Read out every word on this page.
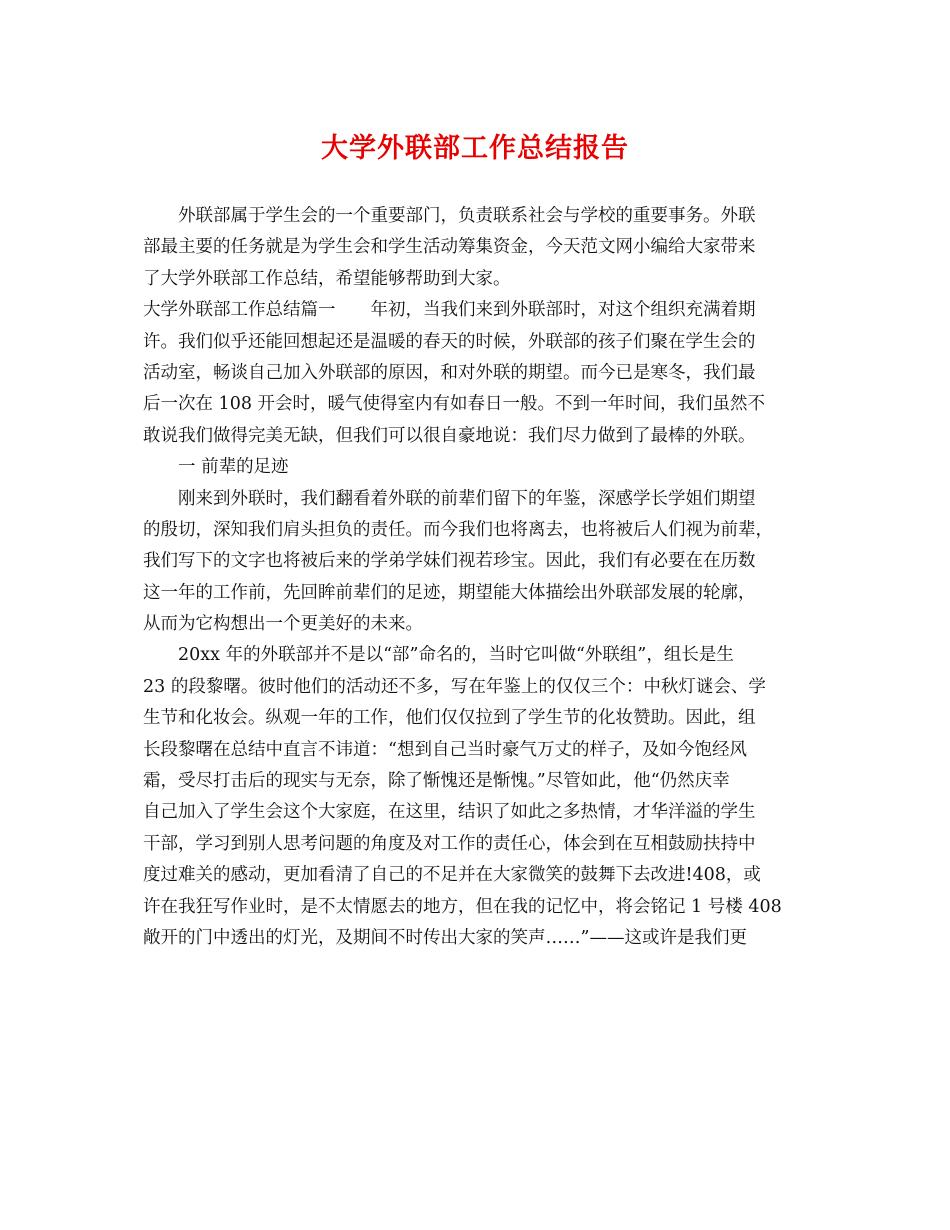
大学外联部工作总结报告
外联部属于学生会的一个重要部门，负责联系社会与学校的重要事务。外联
部最主要的任务就是为学生会和学生活动筹集资金，今天范文网小编给大家带来
了大学外联部工作总结，希望能够帮助到大家。
大学外联部工作总结篇一　　年初，当我们来到外联部时，对这个组织充满着期
许。我们似乎还能回想起还是温暖的春天的时候，外联部的孩子们聚在学生会的
活动室，畅谈自己加入外联部的原因，和对外联的期望。而今已是寒冬，我们最
后一次在 108 开会时，暖气使得室内有如春日一般。不到一年时间，我们虽然不
敢说我们做得完美无缺，但我们可以很自豪地说：我们尽力做到了最棒的外联。
一 前辈的足迹
刚来到外联时，我们翻看着外联的前辈们留下的年鉴，深感学长学姐们期望
的殷切，深知我们肩头担负的责任。而今我们也将离去，也将被后人们视为前辈，
我们写下的文字也将被后来的学弟学妹们视若珍宝。因此，我们有必要在在历数
这一年的工作前，先回眸前辈们的足迹，期望能大体描绘出外联部发展的轮廓，
从而为它构想出一个更美好的未来。
20xx 年的外联部并不是以“部”命名的，当时它叫做“外联组”，组长是生
23 的段黎曙。彼时他们的活动还不多，写在年鉴上的仅仅三个：中秋灯谜会、学
生节和化妆会。纵观一年的工作，他们仅仅拉到了学生节的化妆赞助。因此，组
长段黎曙在总结中直言不讳道：“想到自己当时豪气万丈的样子，及如今饱经风
霜，受尽打击后的现实与无奈，除了惭愧还是惭愧。”尽管如此，他“仍然庆幸
自己加入了学生会这个大家庭，在这里，结识了如此之多热情，才华洋溢的学生
干部，学习到别人思考问题的角度及对工作的责任心，体会到在互相鼓励扶持中
度过难关的感动，更加看清了自己的不足并在大家微笑的鼓舞下去改进!408，或
许在我狂写作业时，是不太情愿去的地方，但在我的记忆中，将会铭记 1 号楼 408
敞开的门中透出的灯光，及期间不时传出大家的笑声……”——这或许是我们更
